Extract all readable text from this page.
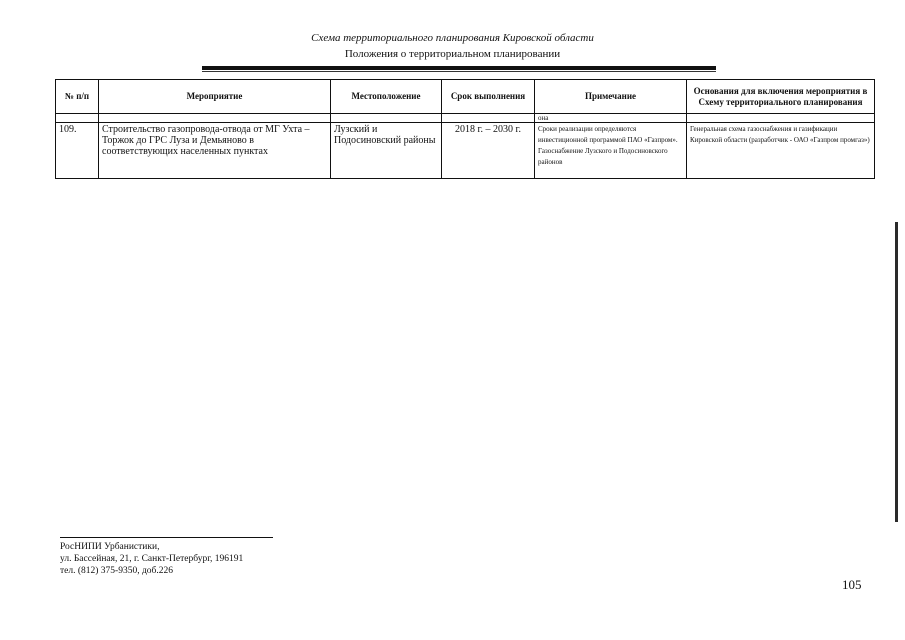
Схема территориального планирования Кировской области
Положения о территориальном планировании
№ п/п	Мероприятие	Местоположение	Срок выполнения	Примечание	Основания для включения мероприятия в Схему территориального планирования
				она	
109.	Строительство газопровода-отвода от МГ Ухта – Торжок до ГРС Луза и Демьяново в соответствующих населенных пунктах	Лузский и Подосиновский районы	2018 г. – 2030 г.	Сроки реализации определяются инвестиционной программой ПАО «Газпром». Газоснабжение Лузского и Подосиновского районов	Генеральная схема газоснабжения и газификации Кировской области (разработчик - ОАО «Газпром промгаз»)
РосНИПИ Урбанистики,
ул. Бассейная, 21, г. Санкт-Петербург, 196191
тел. (812) 375-9350, доб.226
105
